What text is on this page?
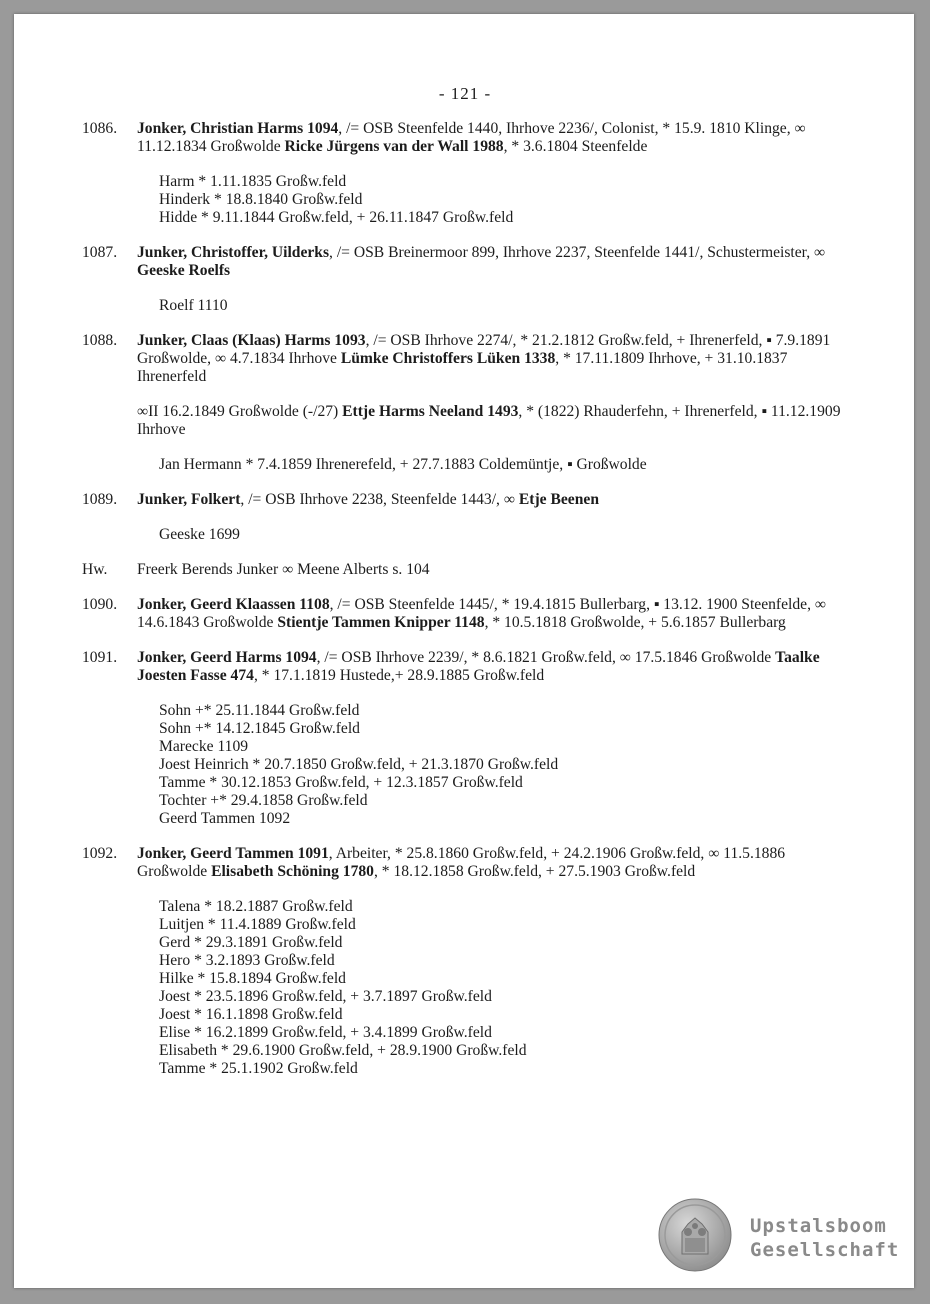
- 121 -
1086.	Jonker, Christian Harms 1094, /= OSB Steenfelde 1440, Ihrhove 2236/, Colonist, * 15.9. 1810 Klinge, ∞ 11.12.1834 Großwolde Ricke Jürgens van der Wall 1988, * 3.6.1804 Steenfelde
Harm * 1.11.1835 Großw.feld
Hinderk * 18.8.1840 Großw.feld
Hidde * 9.11.1844 Großw.feld, + 26.11.1847 Großw.feld
1087.	Junker, Christoffer, Uilderks, /= OSB Breinermoor 899, Ihrhove 2237, Steenfelde 1441/, Schustermeister, ∞ Geeske Roelfs
Roelf 1110
1088.	Junker, Claas (Klaas) Harms 1093, /= OSB Ihrhove 2274/, * 21.2.1812 Großw.feld, + Ihrenerfeld, ▪ 7.9.1891 Großwolde, ∞ 4.7.1834 Ihrhove Lümke Christoffers Lüken 1338, * 17.11.1809 Ihrhove, + 31.10.1837 Ihrenerfeld
∞II 16.2.1849 Großwolde (-/27) Ettje Harms Neeland 1493, * (1822) Rhauderfehn, + Ihrenerfeld, ▪ 11.12.1909 Ihrhove
Jan Hermann * 7.4.1859 Ihrenerefeld, + 27.7.1883 Coldemüntje, ▪ Großwolde
1089.	Junker, Folkert, /= OSB Ihrhove 2238, Steenfelde 1443/, ∞ Etje Beenen
Geeske 1699
Hw.	Freerk Berends Junker ∞ Meene Alberts s. 104
1090.	Jonker, Geerd Klaassen 1108, /= OSB Steenfelde 1445/, * 19.4.1815 Bullerbarg, ▪ 13.12. 1900 Steenfelde, ∞ 14.6.1843 Großwolde Stientje Tammen Knipper 1148, * 10.5.1818 Großwolde, + 5.6.1857 Bullerbarg
1091.	Jonker, Geerd Harms 1094, /= OSB Ihrhove 2239/, * 8.6.1821 Großw.feld, ∞ 17.5.1846 Großwolde Taalke Joesten Fasse 474, * 17.1.1819 Hustede,+ 28.9.1885 Großw.feld
Sohn +* 25.11.1844 Großw.feld
Sohn +* 14.12.1845 Großw.feld
Marecke 1109
Joest Heinrich * 20.7.1850 Großw.feld, + 21.3.1870 Großw.feld
Tamme * 30.12.1853 Großw.feld, + 12.3.1857 Großw.feld
Tochter +* 29.4.1858 Großw.feld
Geerd Tammen 1092
1092.	Jonker, Geerd Tammen 1091, Arbeiter, * 25.8.1860 Großw.feld, + 24.2.1906 Großw.feld, ∞ 11.5.1886 Großwolde Elisabeth Schöning 1780, * 18.12.1858 Großw.feld, + 27.5.1903 Großw.feld
Talena * 18.2.1887 Großw.feld
Luitjen * 11.4.1889 Großw.feld
Gerd * 29.3.1891 Großw.feld
Hero * 3.2.1893 Großw.feld
Hilke * 15.8.1894 Großw.feld
Joest * 23.5.1896 Großw.feld, + 3.7.1897 Großw.feld
Joest * 16.1.1898 Großw.feld
Elise * 16.2.1899 Großw.feld, + 3.4.1899 Großw.feld
Elisabeth * 29.6.1900 Großw.feld, + 28.9.1900 Großw.feld
Tamme * 25.1.1902 Großw.feld
Upstalsboom
Gesellschaft
